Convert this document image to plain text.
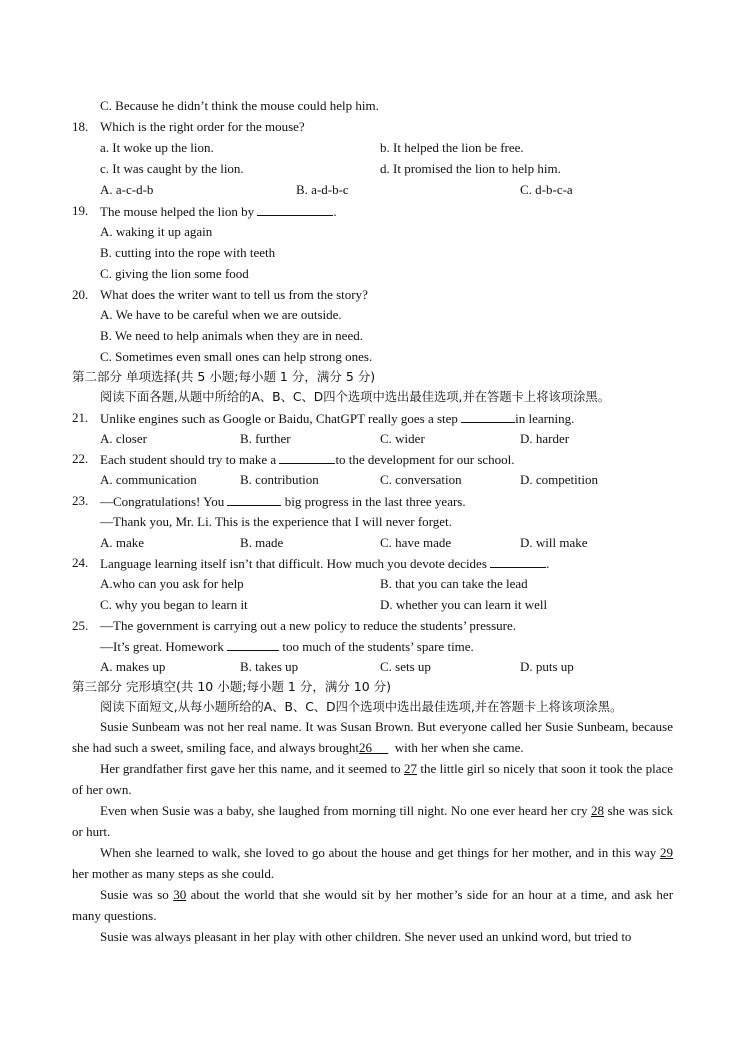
C. Because he didn’t think the mouse could help him.
18. Which is the right order for the mouse?
a. It woke up the lion.	b. It helped the lion be free.
c. It was caught by the lion.	d. It promised the lion to help him.
A. a-c-d-b	B. a-d-b-c	C. d-b-c-a
19. The mouse helped the lion by	.
A. waking it up again
B. cutting into the rope with teeth
C. giving the lion some food
20. What does the writer want to tell us from the story?
A. We have to be careful when we are outside.
B. We need to help animals when they are in need.
C. Sometimes even small ones can help strong ones.
第二部分 单项选择(共 5 小题;每小题 1 分，满分 5 分)
阅读下面各题,从题中所给的A、B、C、D四个选项中选出最佳选项,并在答题卡上将该项涂黑。
21. Unlike engines such as Google or Baidu, ChatGPT really goes a step	in learning.
A. closer	B. further	C. wider	D. harder
22. Each student should try to make a	to the development for our school.
A. communication	B. contribution	C. conversation	D. competition
23. —Congratulations! You	big progress in the last three years.
—Thank you, Mr. Li. This is the experience that I will never forget.
A. make	B. made	C. have made	D. will make
24. Language learning itself isn’t that difficult. How much you devote decides	.
A.who can you ask for help	B. that you can take the lead
C. why you began to learn it	D. whether you can learn it well
25. —The government is carrying out a new policy to reduce the students’ pressure.
—It’s great. Homework	too much of the students’ spare time.
A. makes up	B. takes up	C. sets up	D. puts up
第三部分 完形填空(共 10 小题;每小题 1 分，满分 10 分)
阅读下面短文,从每小题所给的A、B、C、D四个选项中选出最佳选项,并在答题卡上将该项涂黑。
Susie Sunbeam was not her real name. It was Susan Brown. But everyone called her Susie Sunbeam, because she had such a sweet, smiling face, and always brought26 with her when she came.
Her grandfather first gave her this name, and it seemed to 27 the little girl so nicely that soon it took the place of her own.
Even when Susie was a baby, she laughed from morning till night. No one ever heard her cry 28 she was sick or hurt.
When she learned to walk, she loved to go about the house and get things for her mother, and in this way 29 her mother as many steps as she could.
Susie was so 30 about the world that she would sit by her mother’s side for an hour at a time, and ask her many questions.
Susie was always pleasant in her play with other children. She never used an unkind word, but tried to
